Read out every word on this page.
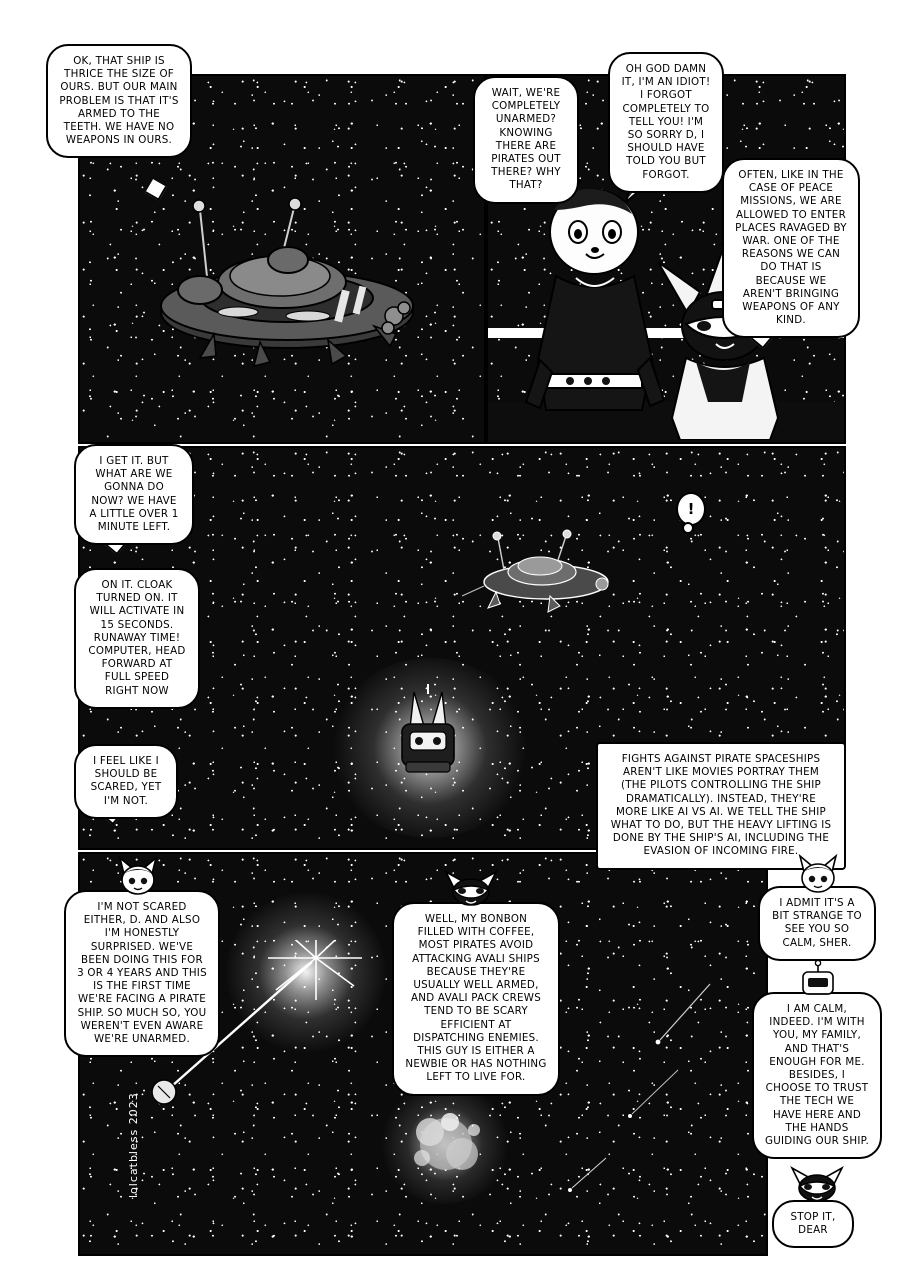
!
lolcatbless 2023
OK, THAT SHIP IS THRICE THE SIZE OF OURS. BUT OUR MAIN PROBLEM IS THAT IT'S ARMED TO THE TEETH. WE HAVE NO WEAPONS IN OURS.
WAIT, WE'RE COMPLETELY UNARMED? KNOWING THERE ARE PIRATES OUT THERE? WHY THAT?
OH GOD DAMN IT, I'M AN IDIOT! I FORGOT COMPLETELY TO TELL YOU! I'M SO SORRY D, I SHOULD HAVE TOLD YOU BUT FORGOT.	OFTEN, LIKE IN THE CASE OF PEACE MISSIONS, WE ARE ALLOWED TO ENTER PLACES RAVAGED BY WAR. ONE OF THE REASONS WE CAN DO THAT IS BECAUSE WE AREN'T BRINGING WEAPONS OF ANY KIND.
I GET IT. BUT WHAT ARE WE GONNA DO NOW? WE HAVE A LITTLE OVER 1 MINUTE LEFT.
ON IT. CLOAK TURNED ON. IT WILL ACTIVATE IN 15 SECONDS. RUNAWAY TIME! COMPUTER, HEAD FORWARD AT FULL SPEED RIGHT NOW
I FEEL LIKE I SHOULD BE SCARED, YET I'M NOT.
FIGHTS AGAINST PIRATE SPACESHIPS AREN'T LIKE MOVIES PORTRAY THEM (THE PILOTS CONTROLLING THE SHIP DRAMATICALLY). INSTEAD, THEY'RE MORE LIKE AI VS AI. WE TELL THE SHIP WHAT TO DO, BUT THE HEAVY LIFTING IS DONE BY THE SHIP'S AI, INCLUDING THE EVASION OF INCOMING FIRE.
I'M NOT SCARED EITHER, D. AND ALSO I'M HONESTLY SURPRISED. WE'VE BEEN DOING THIS FOR 3 OR 4 YEARS AND THIS IS THE FIRST TIME WE'RE FACING A PIRATE SHIP. SO MUCH SO, YOU WEREN'T EVEN AWARE WE'RE UNARMED.
WELL, MY BONBON FILLED WITH COFFEE, MOST PIRATES AVOID ATTACKING AVALI SHIPS BECAUSE THEY'RE USUALLY WELL ARMED, AND AVALI PACK CREWS TEND TO BE SCARY EFFICIENT AT DISPATCHING ENEMIES. THIS GUY IS EITHER A NEWBIE OR HAS NOTHING LEFT TO LIVE FOR.
I ADMIT IT'S A BIT STRANGE TO SEE YOU SO CALM, SHER.
I AM CALM, INDEED. I'M WITH YOU, MY FAMILY, AND THAT'S ENOUGH FOR ME. BESIDES, I CHOOSE TO TRUST THE TECH WE HAVE HERE AND THE HANDS GUIDING OUR SHIP.
STOP IT, DEAR
